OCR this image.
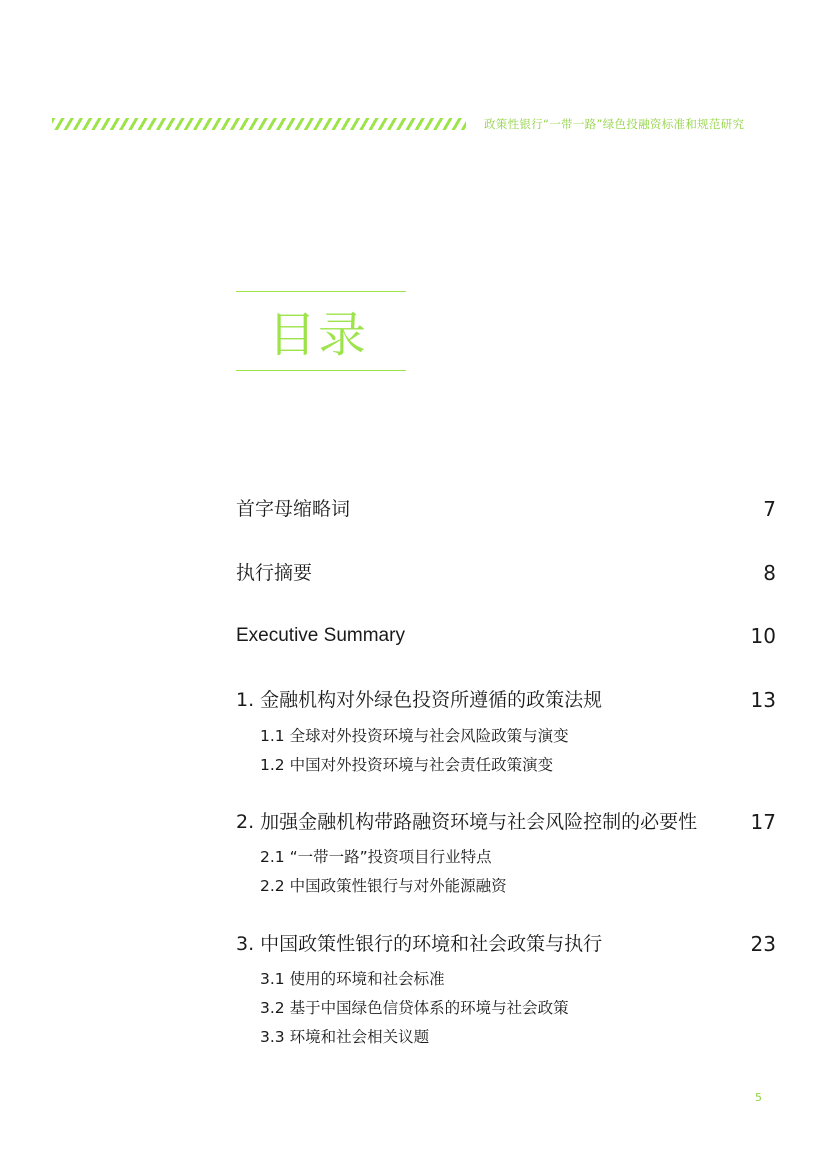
政策性银行“一带一路”绿色投融资标准和规范研究
目录
首字母缩略词	7
执行摘要	8
Executive Summary	10
1. 金融机构对外绿色投资所遵循的政策法规	13
1.1 全球对外投资环境与社会风险政策与演变
1.2 中国对外投资环境与社会责任政策演变
2. 加强金融机构带路融资环境与社会风险控制的必要性	17
2.1 “一带一路”投资项目行业特点
2.2 中国政策性银行与对外能源融资
3. 中国政策性银行的环境和社会政策与执行	23
3.1 使用的环境和社会标准
3.2 基于中国绿色信贷体系的环境与社会政策
3.3 环境和社会相关议题
5
